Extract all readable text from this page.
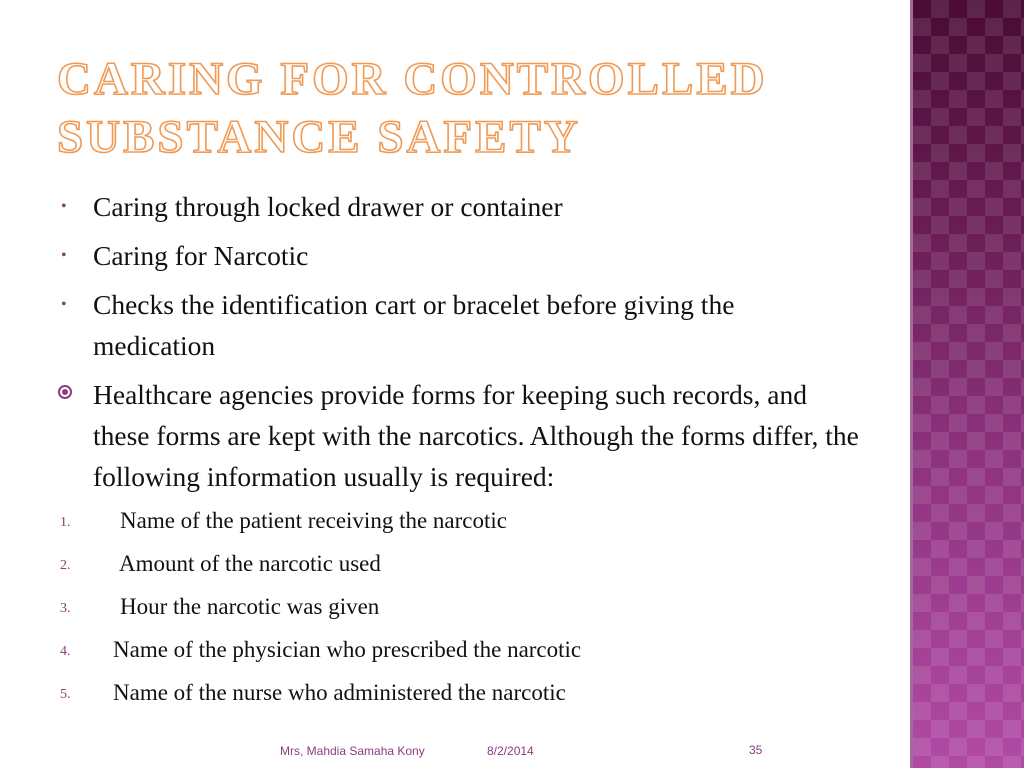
CARING FOR CONTROLLED SUBSTANCE SAFETY
• Caring through locked drawer or container
• Caring for Narcotic
• Checks the identification cart or bracelet before giving the medication
Healthcare agencies provide forms for keeping such records, and these forms are kept with the narcotics. Although the forms differ, the following information usually is required:
1. Name of the patient receiving the narcotic
2. Amount of the narcotic used
3. Hour the narcotic was given
4. Name of the physician who prescribed the narcotic
5. Name of the nurse who administered the narcotic
Mrs, Mahdia Samaha Kony	8/2/2014	35
